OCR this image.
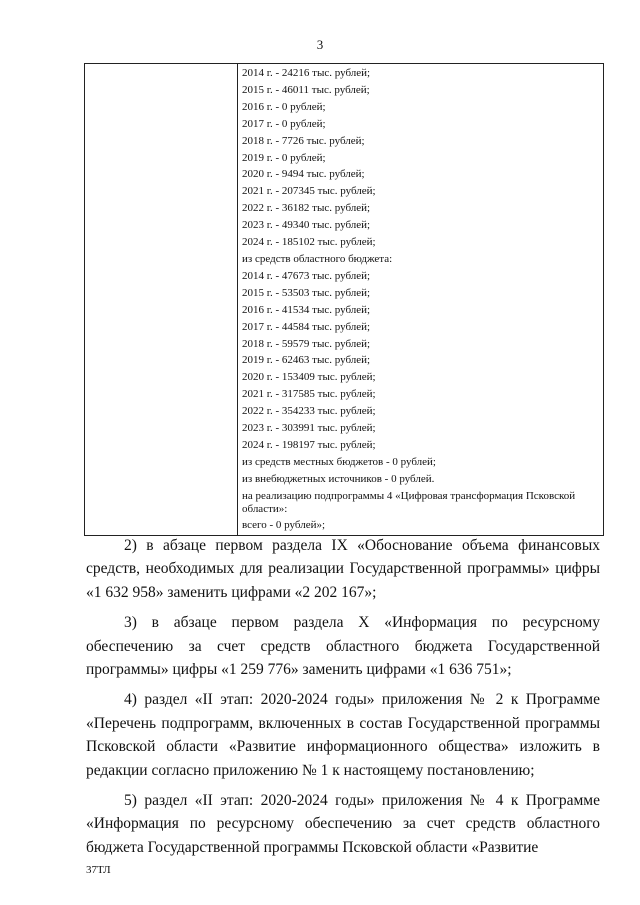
3

2014 г. - 24216 тыс. рублей;
2015 г. - 46011 тыс. рублей;
2016 г. - 0 рублей;
2017 г. - 0 рублей;
2018 г. - 7726 тыс. рублей;
2019 г. - 0 рублей;
2020 г. - 9494 тыс. рублей;
2021 г. - 207345 тыс. рублей;
2022 г. - 36182 тыс. рублей;
2023 г. - 49340 тыс. рублей;
2024 г. - 185102 тыс. рублей;
из средств областного бюджета:
2014 г. - 47673 тыс. рублей;
2015 г. - 53503 тыс. рублей;
2016 г. - 41534 тыс. рублей;
2017 г. - 44584 тыс. рублей;
2018 г. - 59579 тыс. рублей;
2019 г. - 62463 тыс. рублей;
2020 г. - 153409 тыс. рублей;
2021 г. - 317585 тыс. рублей;
2022 г. - 354233 тыс. рублей;
2023 г. - 303991 тыс. рублей;
2024 г. - 198197 тыс. рублей;
из средств местных бюджетов - 0 рублей;
из внебюджетных источников - 0 рублей.
на реализацию подпрограммы 4 «Цифровая трансформация Псковской области»:
всего - 0 рублей»;

2) в абзаце первом раздела IX «Обоснование объема финансовых средств, необходимых для реализации Государственной программы» цифры «1 632 958» заменить цифрами «2 202 167»;

3) в абзаце первом раздела X «Информация по ресурсному обеспечению за счет средств областного бюджета Государственной программы» цифры «1 259 776» заменить цифрами «1 636 751»;

4) раздел «II этап: 2020-2024 годы» приложения № 2 к Программе «Перечень подпрограмм, включенных в состав Государственной программы Псковской области «Развитие информационного общества» изложить в редакции согласно приложению № 1 к настоящему постановлению;

5) раздел «II этап: 2020-2024 годы» приложения № 4 к Программе «Информация по ресурсному обеспечению за счет средств областного бюджета Государственной программы Псковской области «Развитие

37ТЛ
